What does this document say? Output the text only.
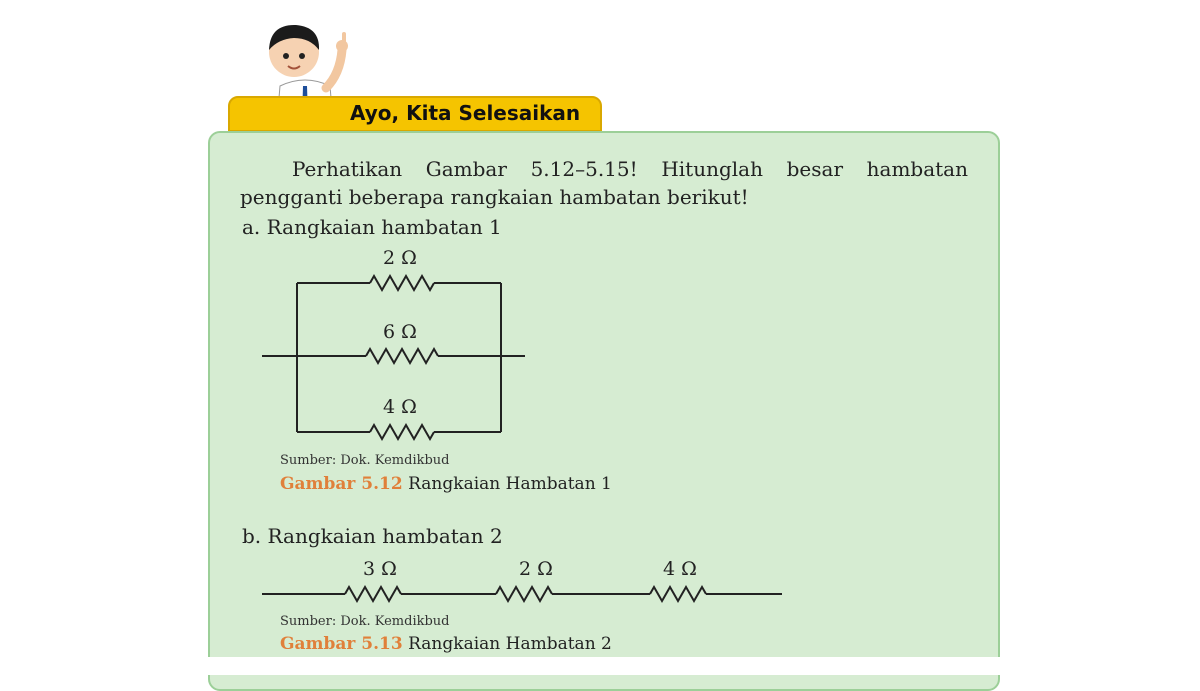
Ayo, Kita Selesaikan
Perhatikan Gambar 5.12–5.15! Hitunglah besar hambatan pengganti beberapa rangkaian hambatan berikut!
a. Rangkaian hambatan 1
2 Ω
6 Ω
4 Ω
3 Ω	2 Ω	4 Ω
Sumber: Dok. Kemdikbud
Gambar 5.12 Rangkaian Hambatan 1
b. Rangkaian hambatan 2
Sumber: Dok. Kemdikbud
Gambar 5.13 Rangkaian Hambatan 2
